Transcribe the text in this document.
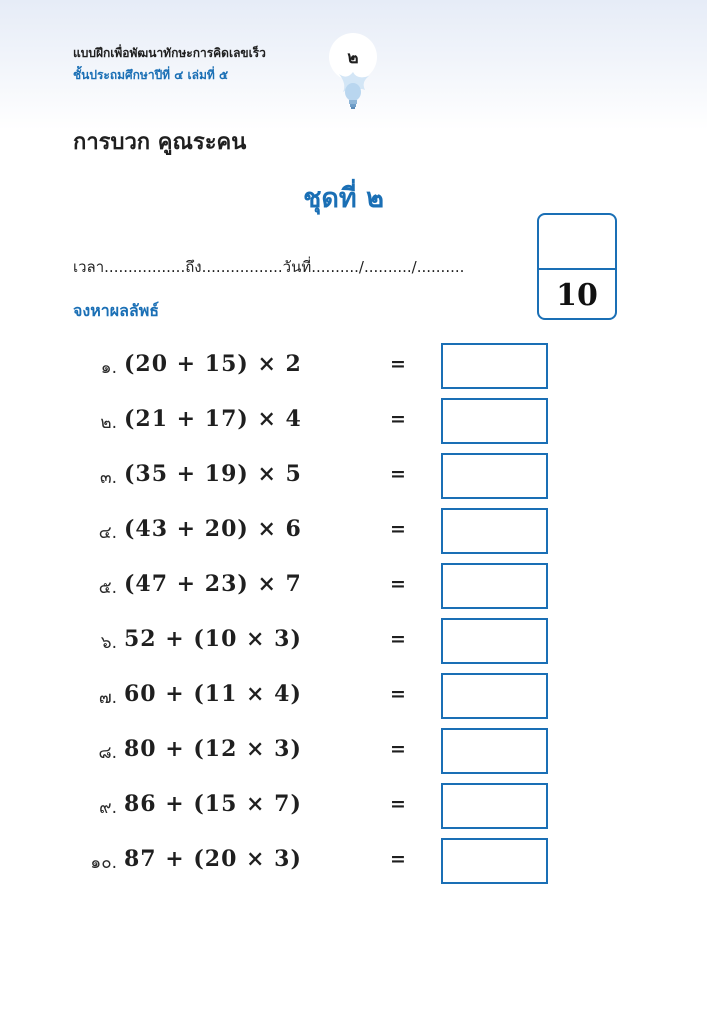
แบบฝึกเพื่อพัฒนาทักษะการคิดเลขเร็ว
ชั้นประถมศึกษาปีที่ ๔ เล่มที่ ๕
๒
การบวก คูณระคน
ชุดที่ ๒
เวลา.................ถึง.................วันที่........../........../..........
10
จงหาผลลัพธ์
๑. (20 + 15) × 2	=
๒. (21 + 17) × 4	=
๓. (35 + 19) × 5	=
๔. (43 + 20) × 6	=
๕. (47 + 23) × 7	=
๖. 52 + (10 × 3)	=
๗. 60 + (11 × 4)	=
๘. 80 + (12 × 3)	=
๙. 86 + (15 × 7)	=
๑๐. 87 + (20 × 3)	=
